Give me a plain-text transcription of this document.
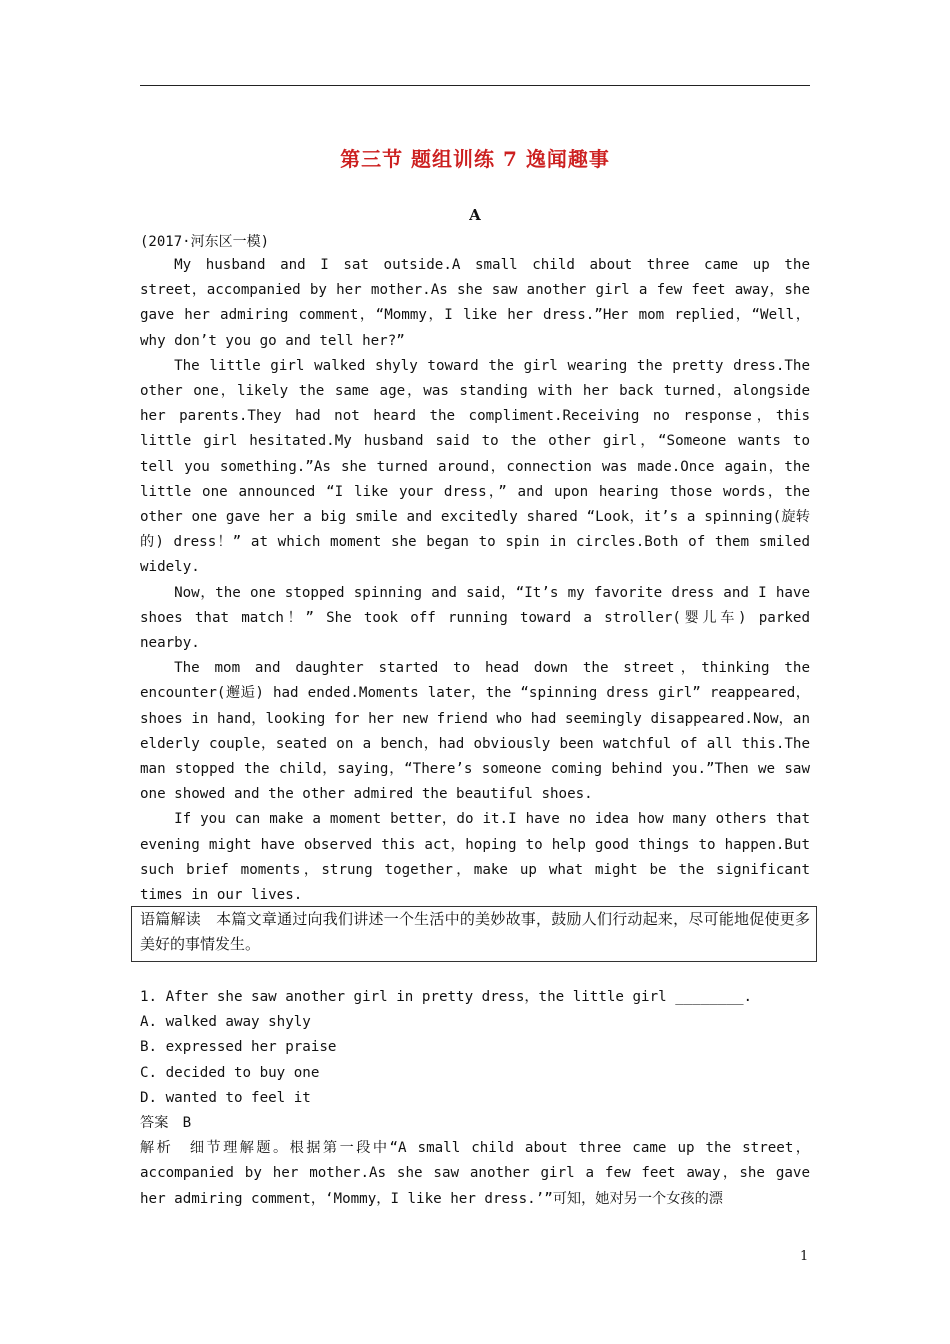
第三节 题组训练 7 逸闻趣事
A
(2017·河东区一模)

My husband and I sat outside.A small child about three came up the street，accompanied by her mother.As she saw another girl a few feet away，she gave her admiring comment，“Mommy，I like her dress.”Her mom replied，“Well，why don’t you go and tell her?”

The little girl walked shyly toward the girl wearing the pretty dress.The other one，likely the same age，was standing with her back turned，alongside her parents.They had not heard the compliment.Receiving no response，this little girl hesitated.My husband said to the other girl，“Someone wants to tell you something.”As she turned around，connection was made.Once again，the little one announced “I like your dress，” and upon hearing those words，the other one gave her a big smile and excitedly shared “Look，it’s a spinning(旋转的) dress！” at which moment she began to spin in circles.Both of them smiled widely.

Now，the one stopped spinning and said，“It’s my favorite dress and I have shoes that match！” She took off running toward a stroller(婴儿车) parked nearby.

The mom and daughter started to head down the street，thinking the encounter(邂逅) had ended.Moments later，the “spinning dress girl” reappeared，shoes in hand，looking for her new friend who had seemingly disappeared.Now，an elderly couple，seated on a bench，had obviously been watchful of all this.The man stopped the child，saying，“There’s someone coming behind you.”Then we saw one showed and the other admired the beautiful shoes.

If you can make a moment better，do it.I have no idea how many others that evening might have observed this act，hoping to help good things to happen.But such brief moments，strung together，make up what might be the significant times in our lives.

语篇解读　本篇文章通过向我们讲述一个生活中的美妙故事，鼓励人们行动起来，尽可能地促使更多美好的事情发生。
1. After she saw another girl in pretty dress，the little girl ________.
A. walked away shyly
B. expressed her praise
C. decided to buy one
D. wanted to feel it
答案　B
解析　细节理解题。根据第一段中“A small child about three came up the street，accompanied by her mother.As she saw another girl a few feet away，she gave her admiring comment，‘Mommy，I like her dress.’”可知，她对另一个女孩的漂
1
